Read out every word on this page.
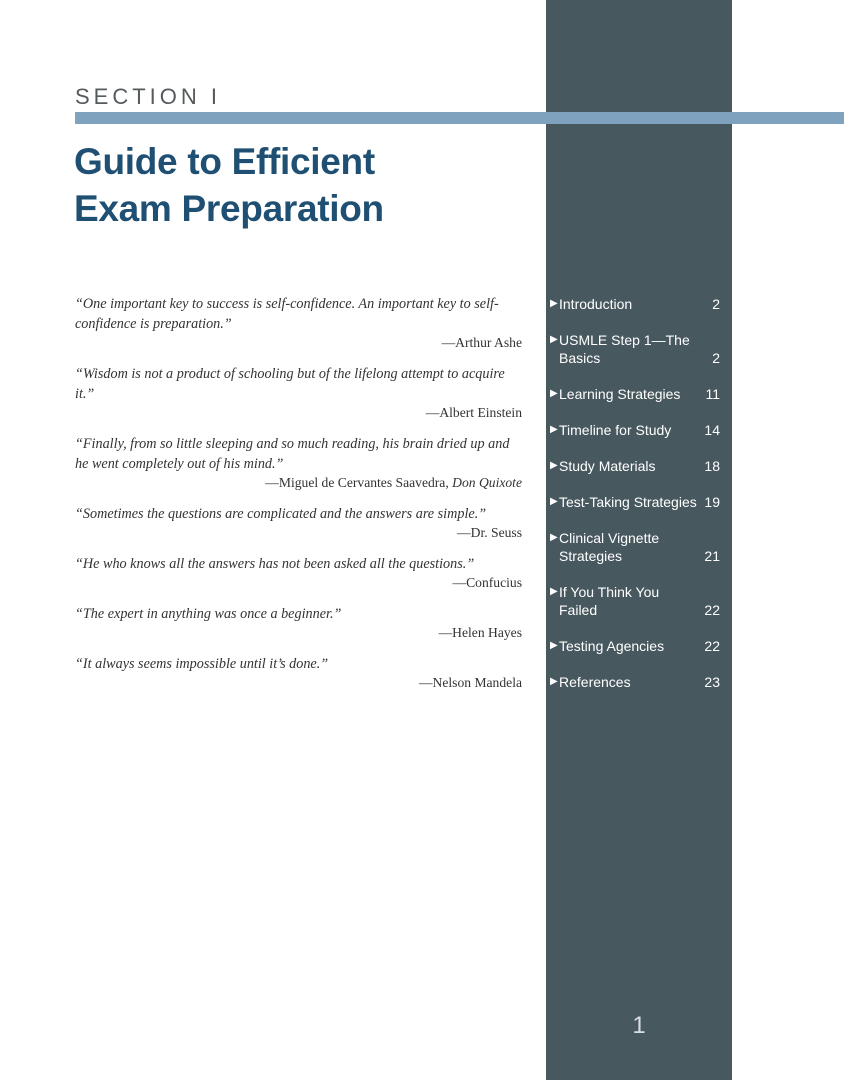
SECTION I
Guide to Efficient
Exam Preparation
“One important key to success is self-confidence. An important key to self-confidence is preparation.”
—Arthur Ashe
“Wisdom is not a product of schooling but of the lifelong attempt to acquire it.”
—Albert Einstein
“Finally, from so little sleeping and so much reading, his brain dried up and he went completely out of his mind.”
—Miguel de Cervantes Saavedra, Don Quixote
“Sometimes the questions are complicated and the answers are simple.”
—Dr. Seuss
“He who knows all the answers has not been asked all the questions.”
—Confucius
“The expert in anything was once a beginner.”
—Helen Hayes
“It always seems impossible until it’s done.”
—Nelson Mandela
▶ Introduction	2
▶ USMLE Step 1—The Basics	2
▶ Learning Strategies	11
▶ Timeline for Study	14
▶ Study Materials	18
▶ Test-Taking Strategies 19
▶ Clinical Vignette Strategies	21
▶ If You Think You Failed	22
▶ Testing Agencies	22
▶ References	23
1
